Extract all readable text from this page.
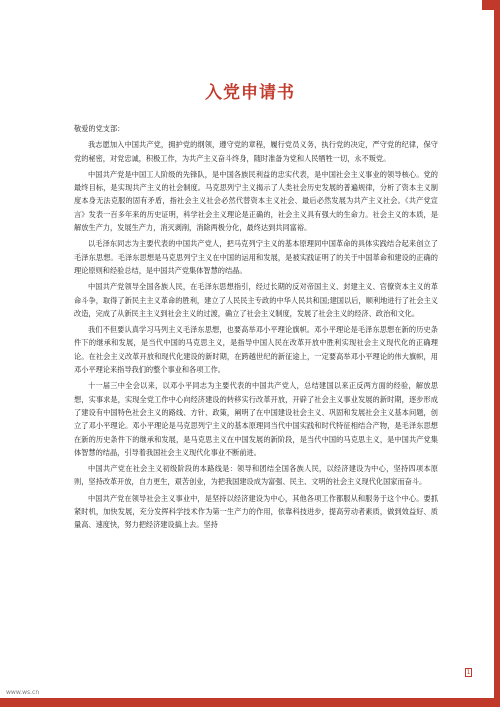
入党申请书

敬爱的党支部：

我志愿加入中国共产党，拥护党的纲领，遵守党的章程，履行党员义务，执行党的决定，严守党的纪律，保守党的秘密，对党忠诚，积极工作，为共产主义奋斗终身，随时准备为党和人民牺牲一切，永不叛党。

中国共产党是中国工人阶级的先锋队，是中国各族民利益的忠实代表，是中国社会主义事业的领导核心。党的最终目标，是实现共产主义的社会制度。马克思列宁主义揭示了人类社会历史发展的普遍规律，分析了资本主义制度本身无法克服的固有矛盾，指社会主义社会必然代替资本主义社会、最后必然发展为共产主义社会。《共产党宣言》发表一百多年来的历史证明，科学社会主义理论是正确的，社会主义具有强大的生命力。社会主义的本质，是解放生产力，发展生产力，消灭剥削，消除两极分化，最终达到共同富裕。

以毛泽东同志为主要代表的中国共产党人，把马克列宁主义的基本原理同中国革命的具体实践结合起来创立了毛泽东思想。毛泽东思想是马克思列宁主义在中国的运用和发展，是被实践证明了的关于中国革命和建设的正确的理论原则和经验总结，是中国共产党集体智慧的结晶。

中国共产党领导全国各族人民，在毛泽东思想指引，经过长期的反对帝国主义、封建主义、官僚资本主义的革命斗争，取得了新民主主义革命的胜利，建立了人民民主专政的中华人民共和国;建国以后，顺利地进行了社会主义改造，完成了从新民主主义到社会主义的过渡，确立了社会主义制度，发展了社会主义的经济、政治和文化。

我们不但要认真学习马列主义毛泽东思想，也要高举邓小平理论旗帜。邓小平理论是毛泽东思想在新的历史条件下的继承和发展，是当代中国的马克思主义，是指导中国人民在改革开放中胜利实现社会主义现代化的正确理论。在社会主义改革开放和现代化建设的新时期，在跨越世纪的新征途上，一定要高举邓小平理论的伟大旗帜，用邓小平理论来指导我们的整个事业和各项工作。

十一届三中全会以来，以邓小平同志为主要代表的中国共产党人，总结建国以来正反两方面的经验，解放思想，实事求是，实现全党工作中心向经济建设的转移实行改革开放，开辟了社会主义事业发展的新时期，逐步形成了建设有中国特色社会主义的路线、方针、政策，阐明了在中国建设社会主义、巩固和发展社会主义基本问题，创立了邓小平理论。邓小平理论是马克思列宁主义的基本原理同当代中国实践和时代特征相结合产物，是毛泽东思想在新的历史条件下的继承和发展，是马克思主义在中国发展的新阶段，是当代中国的马克思主义，是中国共产党集体智慧的结晶，引导着我国社会主义现代化事业不断前进。

中国共产党在社会主义初级阶段的本路线是：领导和团结全国各族人民，以经济建设为中心，坚持四项本原则，坚持改革开放，自力更生，艰苦创业，为把我国建设成为富强、民主、文明的社会主义现代化国家而奋斗。

中国共产党在领导社会主义事业中，是坚持以经济建设为中心，其他各项工作都服从和服务于这个中心。要抓紧时机，加快发展，充分发挥科学技术作为第一生产力的作用，依靠科技进步，提高劳动者素质，做到效益好、质量高、速度快，努力把经济建设搞上去。坚持

1
www.ws.cn
